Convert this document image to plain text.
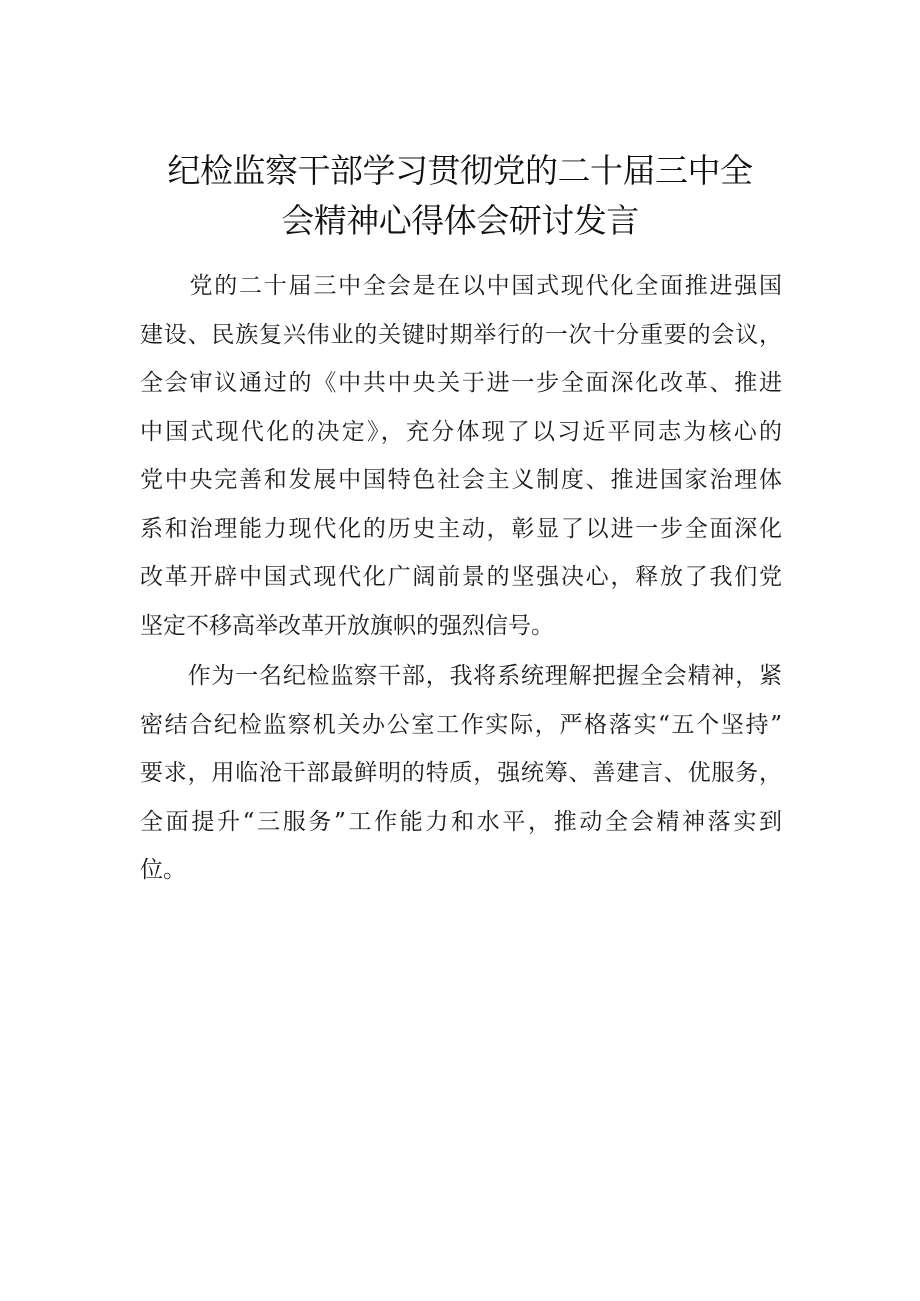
纪检监察干部学习贯彻党的二十届三中全
会精神心得体会研讨发言
　　党的二十届三中全会是在以中国式现代化全面推进强国
建设、民族复兴伟业的关键时期举行的一次十分重要的会议，
全会审议通过的《中共中央关于进一步全面深化改革、推进
中国式现代化的决定》，充分体现了以习近平同志为核心的
党中央完善和发展中国特色社会主义制度、推进国家治理体
系和治理能力现代化的历史主动，彰显了以进一步全面深化
改革开辟中国式现代化广阔前景的坚强决心，释放了我们党
坚定不移高举改革开放旗帜的强烈信号。
　　作为一名纪检监察干部，我将系统理解把握全会精神，紧
密结合纪检监察机关办公室工作实际，严格落实“五个坚持”
要求，用临沧干部最鲜明的特质，强统筹、善建言、优服务，
全面提升“三服务”工作能力和水平，推动全会精神落实到
位。
